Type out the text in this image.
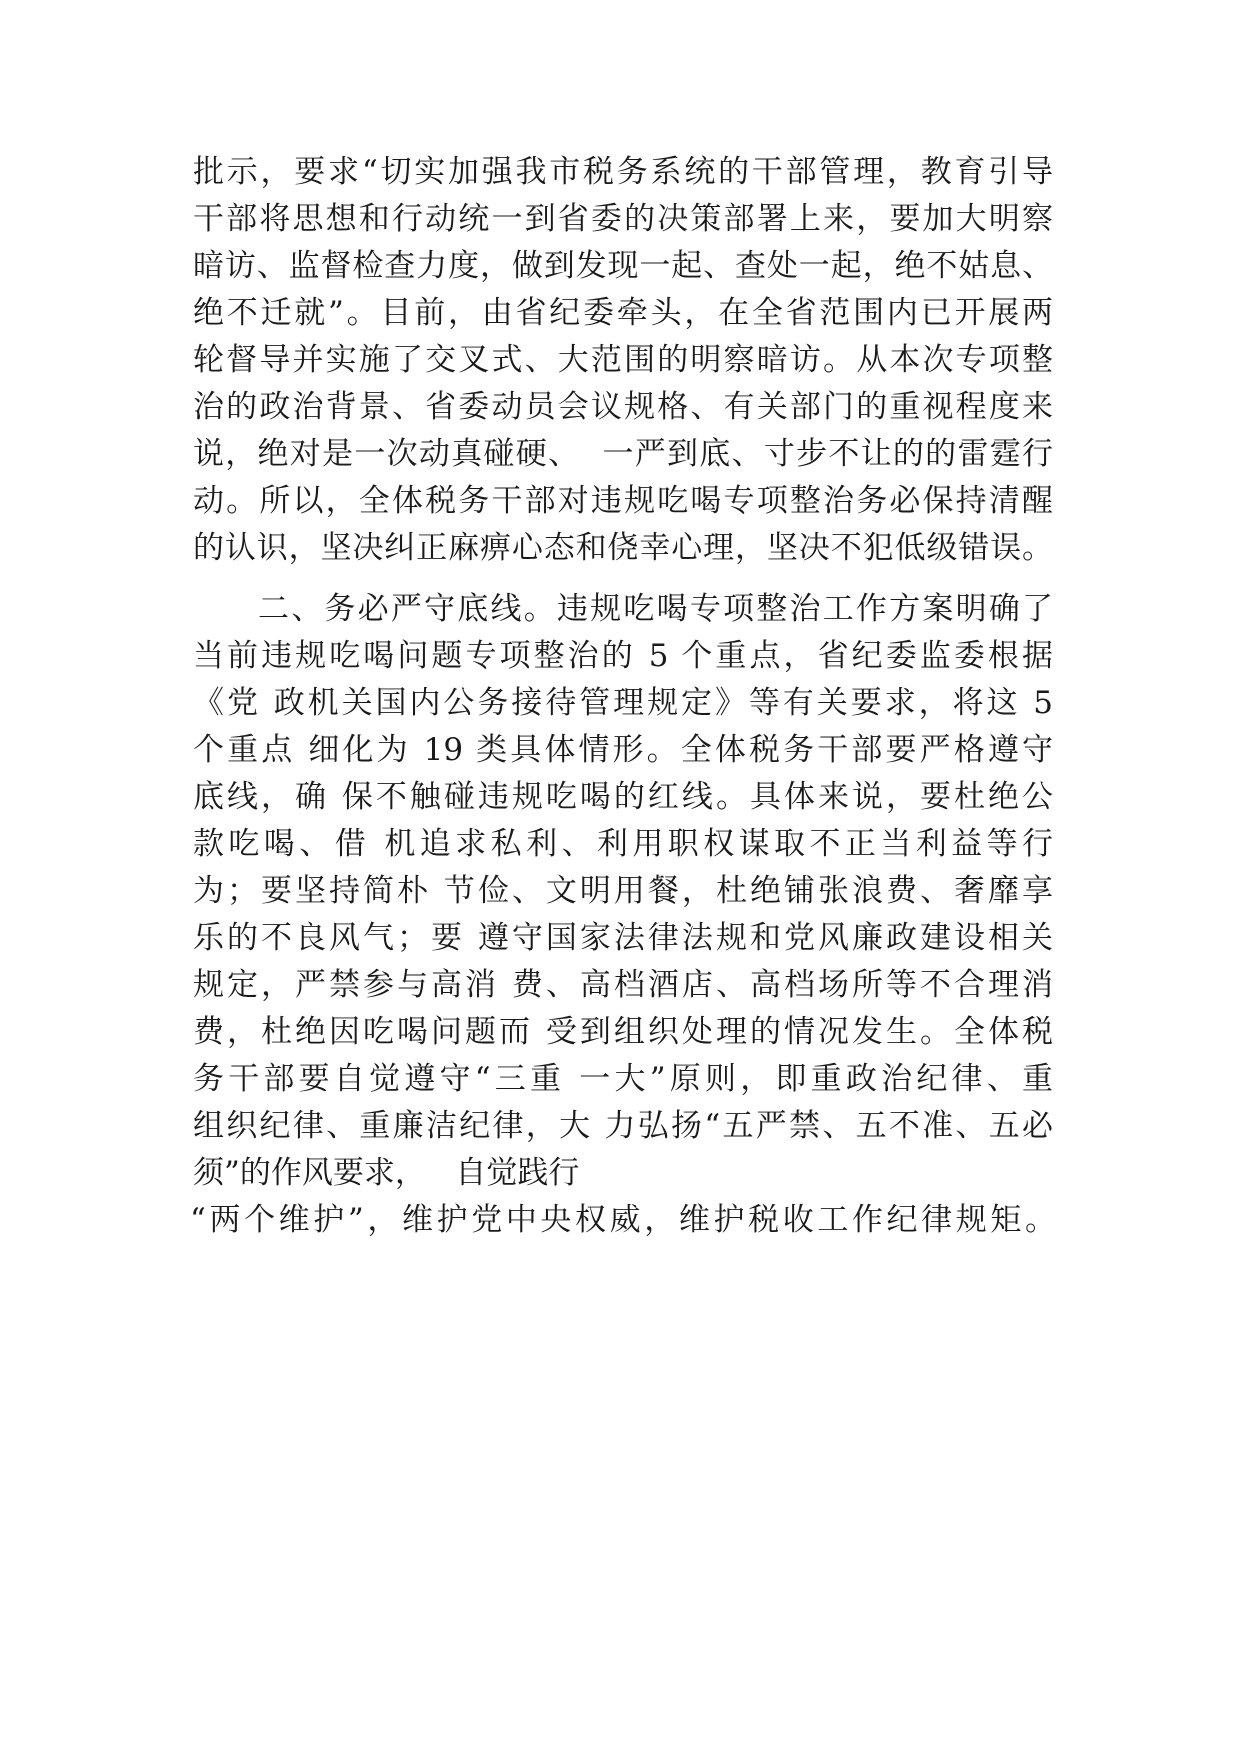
批示，要求“切实加强我市税务系统的干部管理，教育引导
干部将思想和行动统一到省委的决策部署上来，要加大明察
暗访、监督检查力度，做到发现一起、查处一起，绝不姑息、
绝不迁就”。目前，由省纪委牵头，在全省范围内已开展两
轮督导并实施了交叉式、大范围的明察暗访。从本次专项整
治的政治背景、省委动员会议规格、有关部门的重视程度来
说，绝对是一次动真碰硬、  一严到底、寸步不让的的雷霆行
动。所以，全体税务干部对违规吃喝专项整治务必保持清醒
的认识，坚决纠正麻痹心态和侥幸心理，坚决不犯低级错误。
二、务必严守底线。违规吃喝专项整治工作方案明确了
当前违规吃喝问题专项整治的 5 个重点，省纪委监委根据
《党 政机关国内公务接待管理规定》等有关要求，将这 5
个重点 细化为 19 类具体情形。全体税务干部要严格遵守
底线，确 保不触碰违规吃喝的红线。具体来说，要杜绝公
款吃喝、借 机追求私利、利用职权谋取不正当利益等行
为；要坚持简朴 节俭、文明用餐，杜绝铺张浪费、奢靡享
乐的不良风气；要 遵守国家法律法规和党风廉政建设相关
规定，严禁参与高消 费、高档酒店、高档场所等不合理消
费，杜绝因吃喝问题而 受到组织处理的情况发生。全体税
务干部要自觉遵守“三重 一大”原则，即重政治纪律、重
组织纪律、重廉洁纪律，大 力弘扬“五严禁、五不准、五必
须”的作风要求，   自觉践行
“两个维护”，维护党中央权威，维护税收工作纪律规矩。
